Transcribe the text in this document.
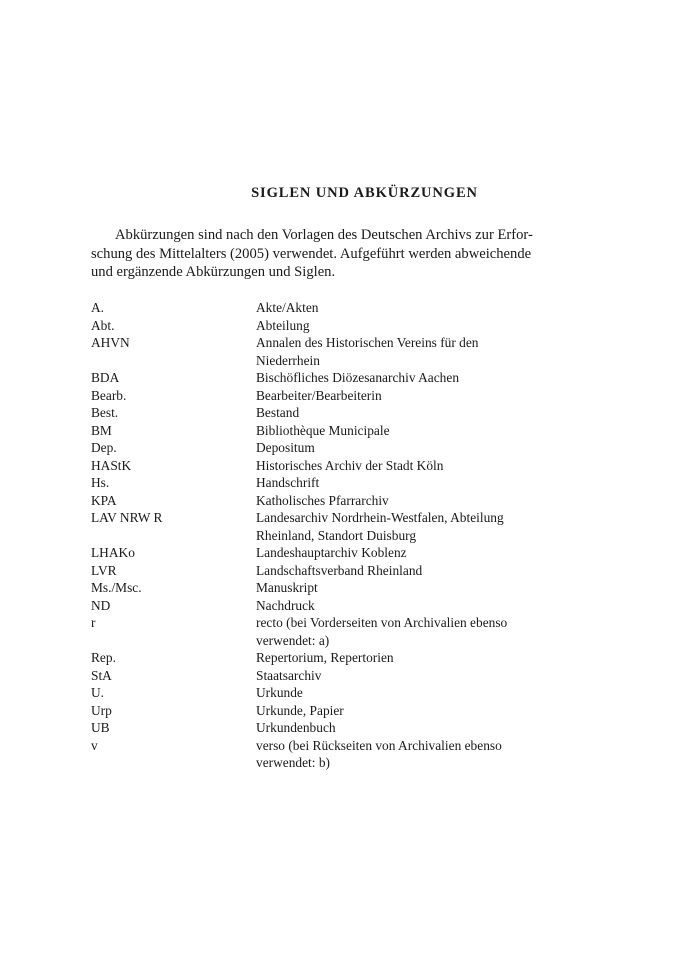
SIGLEN UND ABKÜRZUNGEN
Abkürzungen sind nach den Vorlagen des Deutschen Archivs zur Erfor-
schung des Mittelalters (2005) verwendet. Aufgeführt werden abweichende
und ergänzende Abkürzungen und Siglen.
A.	Akte/Akten
Abt.	Abteilung
AHVN	Annalen des Historischen Vereins für den
Niederrhein
BDA	Bischöfliches Diözesanarchiv Aachen
Bearb.	Bearbeiter/Bearbeiterin
Best.	Bestand
BM	Bibliothèque Municipale
Dep.	Depositum
HAStK	Historisches Archiv der Stadt Köln
Hs.	Handschrift
KPA	Katholisches Pfarrarchiv
LAV NRW R	Landesarchiv Nordrhein-Westfalen, Abteilung
Rheinland, Standort Duisburg
LHAKo	Landeshauptarchiv Koblenz
LVR	Landschaftsverband Rheinland
Ms./Msc.	Manuskript
ND	Nachdruck
r	recto (bei Vorderseiten von Archivalien ebenso
verwendet: a)
Rep.	Repertorium, Repertorien
StA	Staatsarchiv
U.	Urkunde
Urp	Urkunde, Papier
UB	Urkundenbuch
v	verso (bei Rückseiten von Archivalien ebenso
verwendet: b)
